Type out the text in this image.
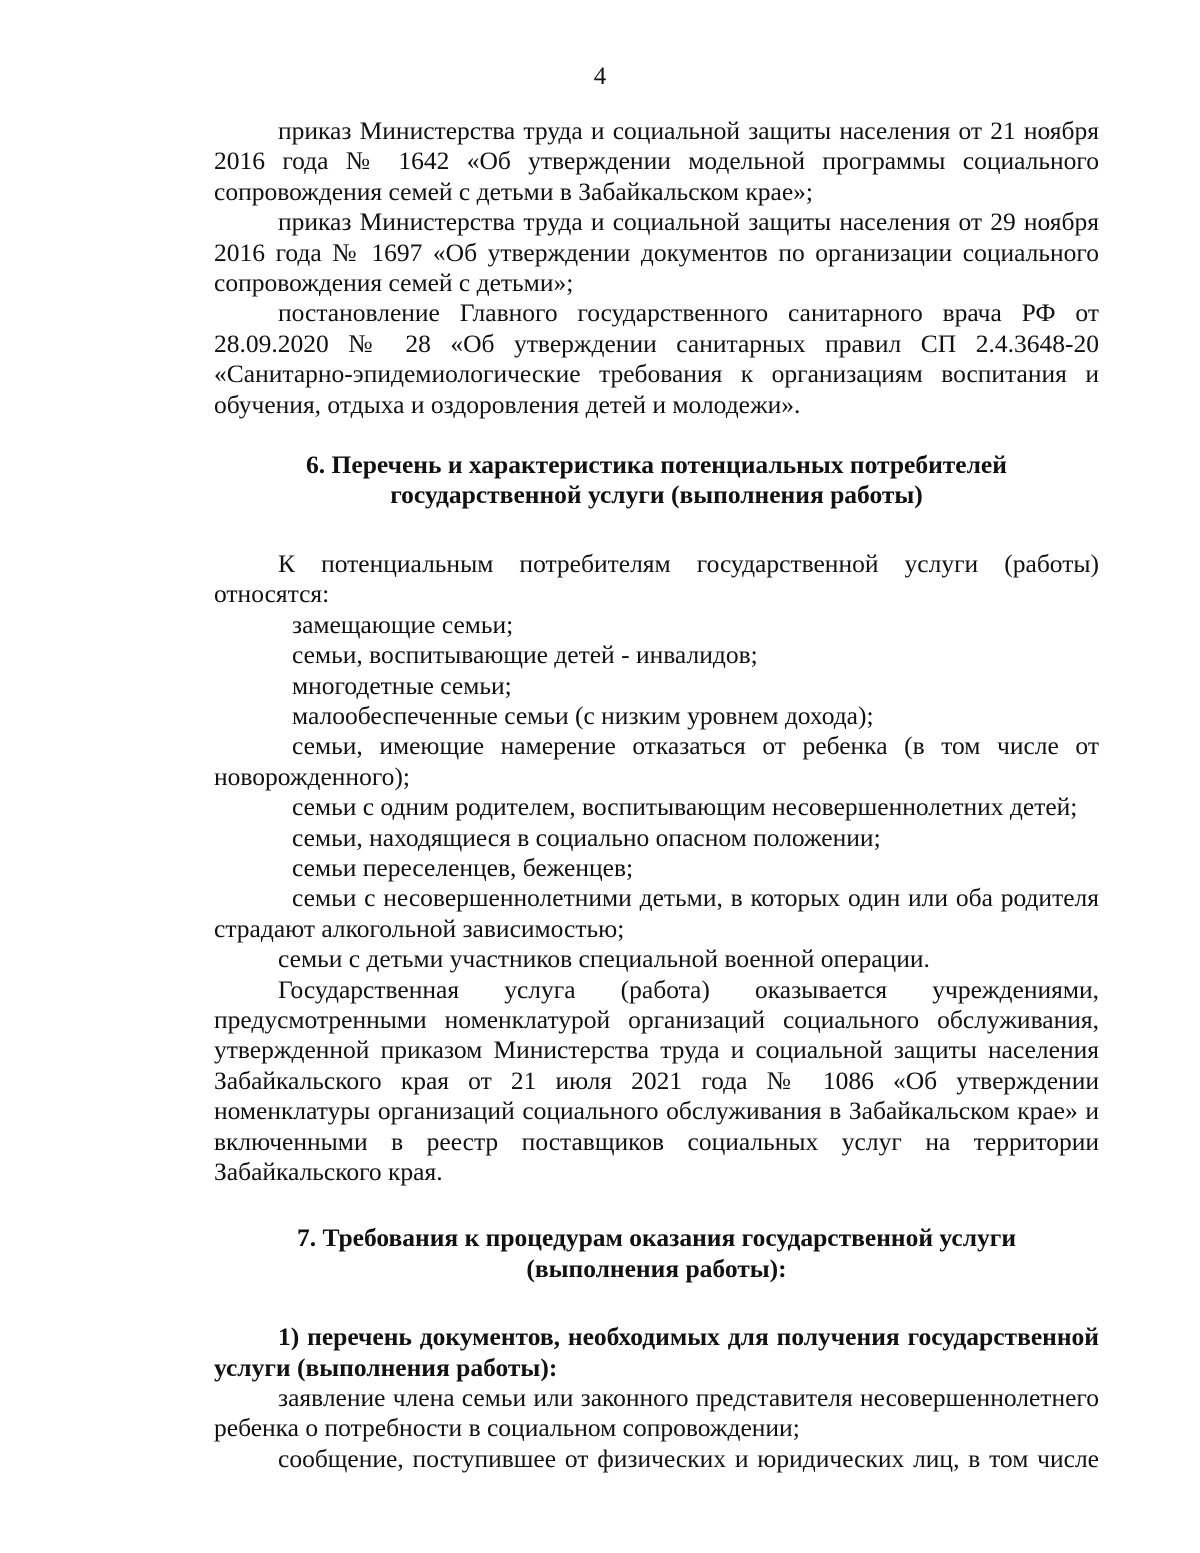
4

приказ Министерства труда и социальной защиты населения от 21 ноября 2016 года № 1642 «Об утверждении модельной программы социального сопровождения семей с детьми в Забайкальском крае»;

приказ Министерства труда и социальной защиты населения от 29 ноября 2016 года № 1697 «Об утверждении документов по организации социального сопровождения семей с детьми»;

постановление Главного государственного санитарного врача РФ от 28.09.2020 № 28 «Об утверждении санитарных правил СП 2.4.3648-20 «Санитарно-эпидемиологические требования к организациям воспитания и обучения, отдыха и оздоровления детей и молодежи».

6. Перечень и характеристика потенциальных потребителей
государственной услуги (выполнения работы)

К потенциальным потребителям государственной услуги (работы) относятся:

замещающие семьи;

семьи, воспитывающие детей - инвалидов;

многодетные семьи;

малообеспеченные семьи (с низким уровнем дохода);

семьи, имеющие намерение отказаться от ребенка (в том числе от новорожденного);

семьи с одним родителем, воспитывающим несовершеннолетних детей;

семьи, находящиеся в социально опасном положении;

семьи переселенцев, беженцев;

семьи с несовершеннолетними детьми, в которых один или оба родителя страдают алкогольной зависимостью;

семьи с детьми участников специальной военной операции.

Государственная услуга (работа) оказывается учреждениями, предусмотренными номенклатурой организаций социального обслуживания, утвержденной приказом Министерства труда и социальной защиты населения Забайкальского края от 21 июля 2021 года № 1086 «Об утверждении номенклатуры организаций социального обслуживания в Забайкальском крае» и включенными в реестр поставщиков социальных услуг на территории Забайкальского края.

7. Требования к процедурам оказания государственной услуги
(выполнения работы):

1) перечень документов, необходимых для получения государственной услуги (выполнения работы):

заявление члена семьи или законного представителя несовершеннолетнего ребенка о потребности в социальном сопровождении;

сообщение, поступившее от физических и юридических лиц, в том числе
